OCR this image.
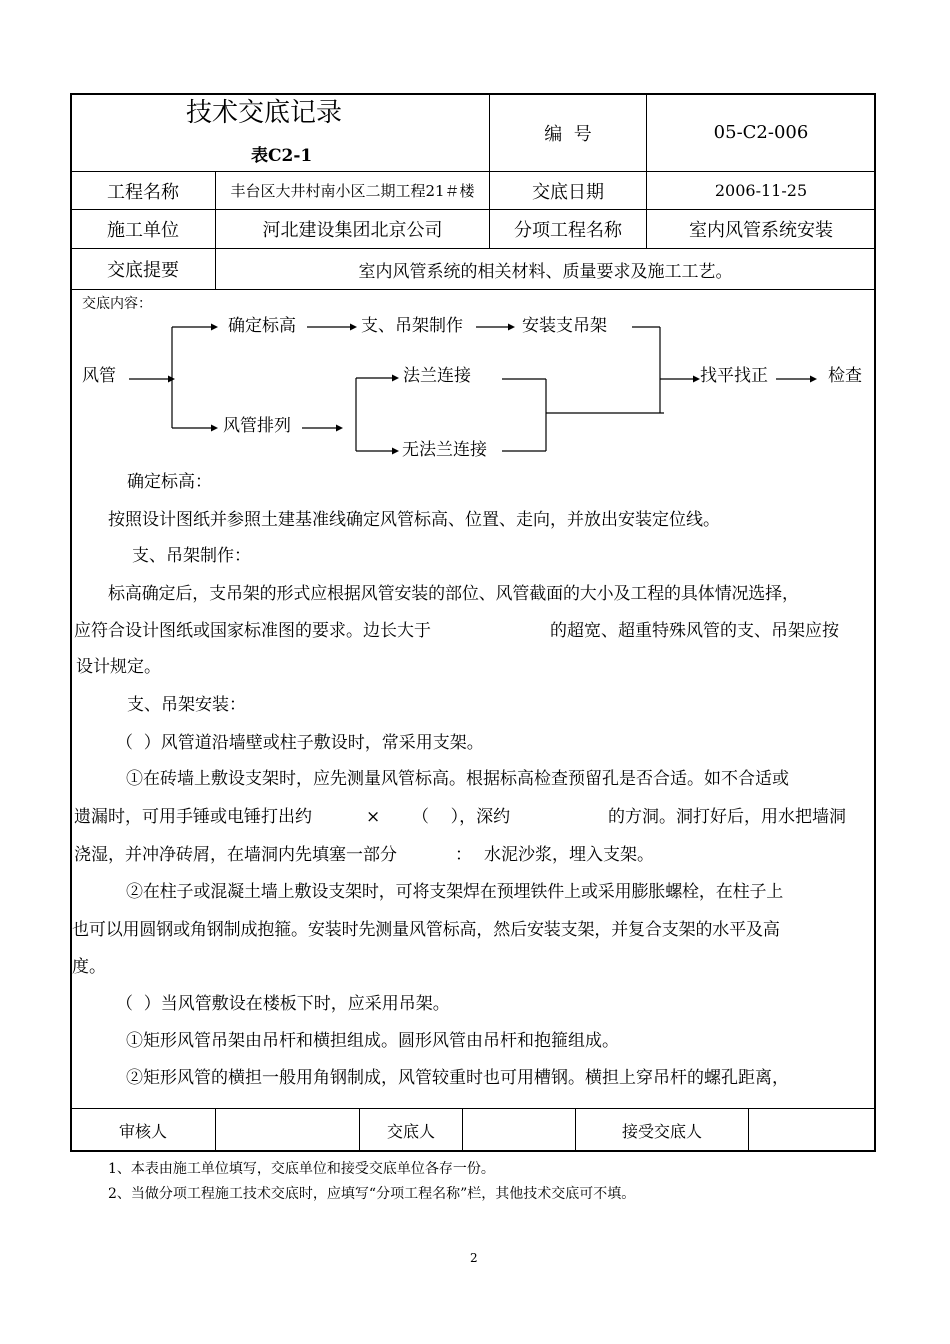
技术交底记录
表C2-1
编  号	05-C2-006
工程名称	丰台区大井村南小区二期工程21＃楼	交底日期	2006-11-25
施工单位	河北建设集团北京公司	分项工程名称	室内风管系统安装
交底提要	室内风管系统的相关材料、质量要求及施工工艺。
交底内容：
风管
确定标高	支、吊架制作	安装支吊架
风管排列
法兰连接
无法兰连接
找平找正	检查
确定标高：
按照设计图纸并参照土建基准线确定风管标高、位置、走向，并放出安装定位线。
支、吊架制作：
标高确定后，支吊架的形式应根据风管安装的部位、风管截面的大小及工程的具体情况选择，
应符合设计图纸或国家标准图的要求。边长大于	的超宽、超重特殊风管的支、吊架应按
设计规定。
支、吊架安装：
（  ）风管道沿墙壁或柱子敷设时，常采用支架。
①在砖墙上敷设支架时，应先测量风管标高。根据标高检查预留孔是否合适。如不合适或
遗漏时，可用手锤或电锤打出约	× （    ），深约	的方洞。洞打好后，用水把墙洞
浇湿，并冲净砖屑，在墙洞内先填塞一部分	： 水泥沙浆，埋入支架。
②在柱子或混凝土墙上敷设支架时，可将支架焊在预埋铁件上或采用膨胀螺栓，在柱子上
也可以用圆钢或角钢制成抱箍。安装时先测量风管标高，然后安装支架，并复合支架的水平及高
度。
（  ）当风管敷设在楼板下时，应采用吊架。
①矩形风管吊架由吊杆和横担组成。圆形风管由吊杆和抱箍组成。
②矩形风管的横担一般用角钢制成，风管较重时也可用槽钢。横担上穿吊杆的螺孔距离，
审核人	交底人	接受交底人
1、本表由施工单位填写，交底单位和接受交底单位各存一份。
2、当做分项工程施工技术交底时，应填写“分项工程名称”栏，其他技术交底可不填。
2
